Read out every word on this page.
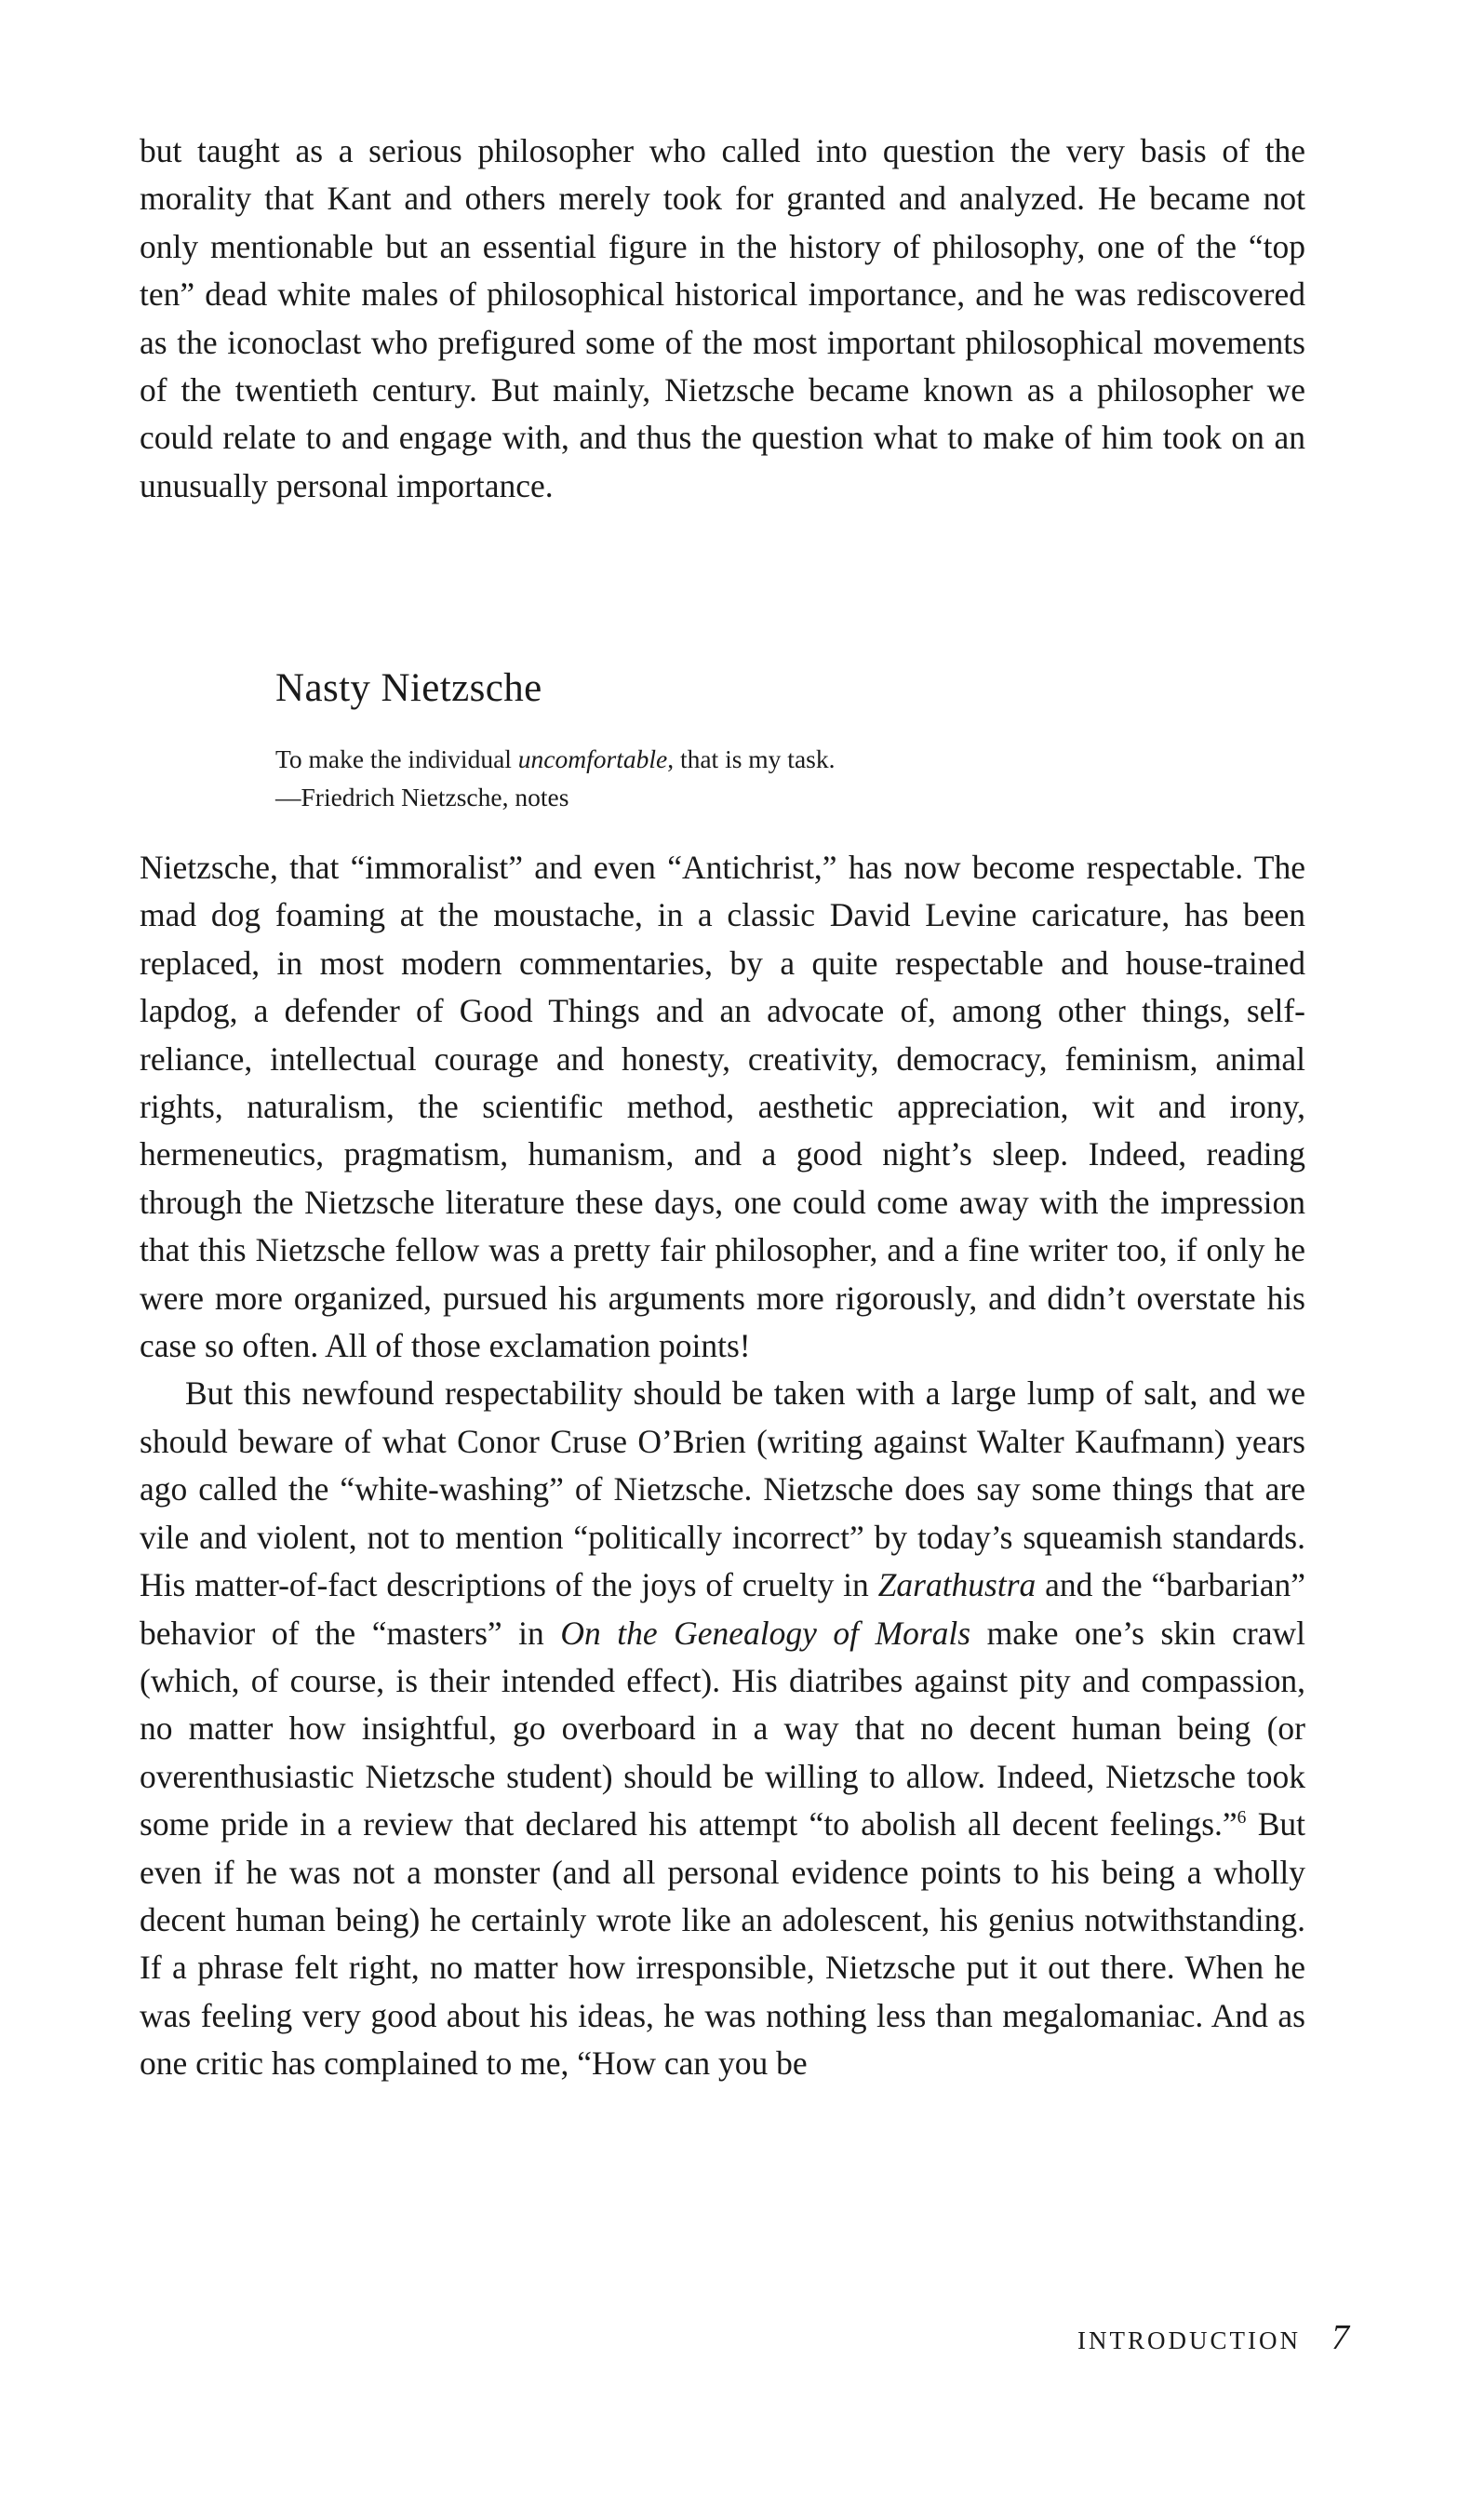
but taught as a serious philosopher who called into question the very basis of the morality that Kant and others merely took for granted and analyzed. He became not only mentionable but an essential figure in the history of philosophy, one of the “top ten” dead white males of philosophical historical importance, and he was rediscovered as the iconoclast who prefigured some of the most important philosophical movements of the twentieth century. But mainly, Nietzsche became known as a philosopher we could relate to and engage with, and thus the question what to make of him took on an unusually personal importance.

Nasty Nietzsche
To make the individual uncomfortable, that is my task.
—Friedrich Nietzsche, notes

Nietzsche, that “immoralist” and even “Antichrist,” has now become respectable. The mad dog foaming at the moustache, in a classic David Levine caricature, has been replaced, in most modern commentaries, by a quite respectable and house-trained lapdog, a defender of Good Things and an advocate of, among other things, self-reliance, intellectual courage and honesty, creativity, democracy, feminism, animal rights, naturalism, the scientific method, aesthetic appreciation, wit and irony, hermeneutics, pragmatism, humanism, and a good night’s sleep. Indeed, reading through the Nietzsche literature these days, one could come away with the impression that this Nietzsche fellow was a pretty fair philosopher, and a fine writer too, if only he were more organized, pursued his arguments more rigorously, and didn’t overstate his case so often. All of those exclamation points!

But this newfound respectability should be taken with a large lump of salt, and we should beware of what Conor Cruse O’Brien (writing against Walter Kaufmann) years ago called the “white-washing” of Nietzsche. Nietzsche does say some things that are vile and violent, not to mention “politically incorrect” by today’s squeamish standards. His matter-of-fact descriptions of the joys of cruelty in Zarathustra and the “barbarian” behavior of the “masters” in On the Genealogy of Morals make one’s skin crawl (which, of course, is their intended effect). His diatribes against pity and compassion, no matter how insightful, go overboard in a way that no decent human being (or overenthusiastic Nietzsche student) should be willing to allow. Indeed, Nietzsche took some pride in a review that declared his attempt “to abolish all decent feelings.”$^6$ But even if he was not a monster (and all personal evidence points to his being a wholly decent human being) he certainly wrote like an adolescent, his genius notwithstanding. If a phrase felt right, no matter how irresponsible, Nietzsche put it out there. When he was feeling very good about his ideas, he was nothing less than megalomaniac. And as one critic has complained to me, “How can you be

INTRODUCTION 7
